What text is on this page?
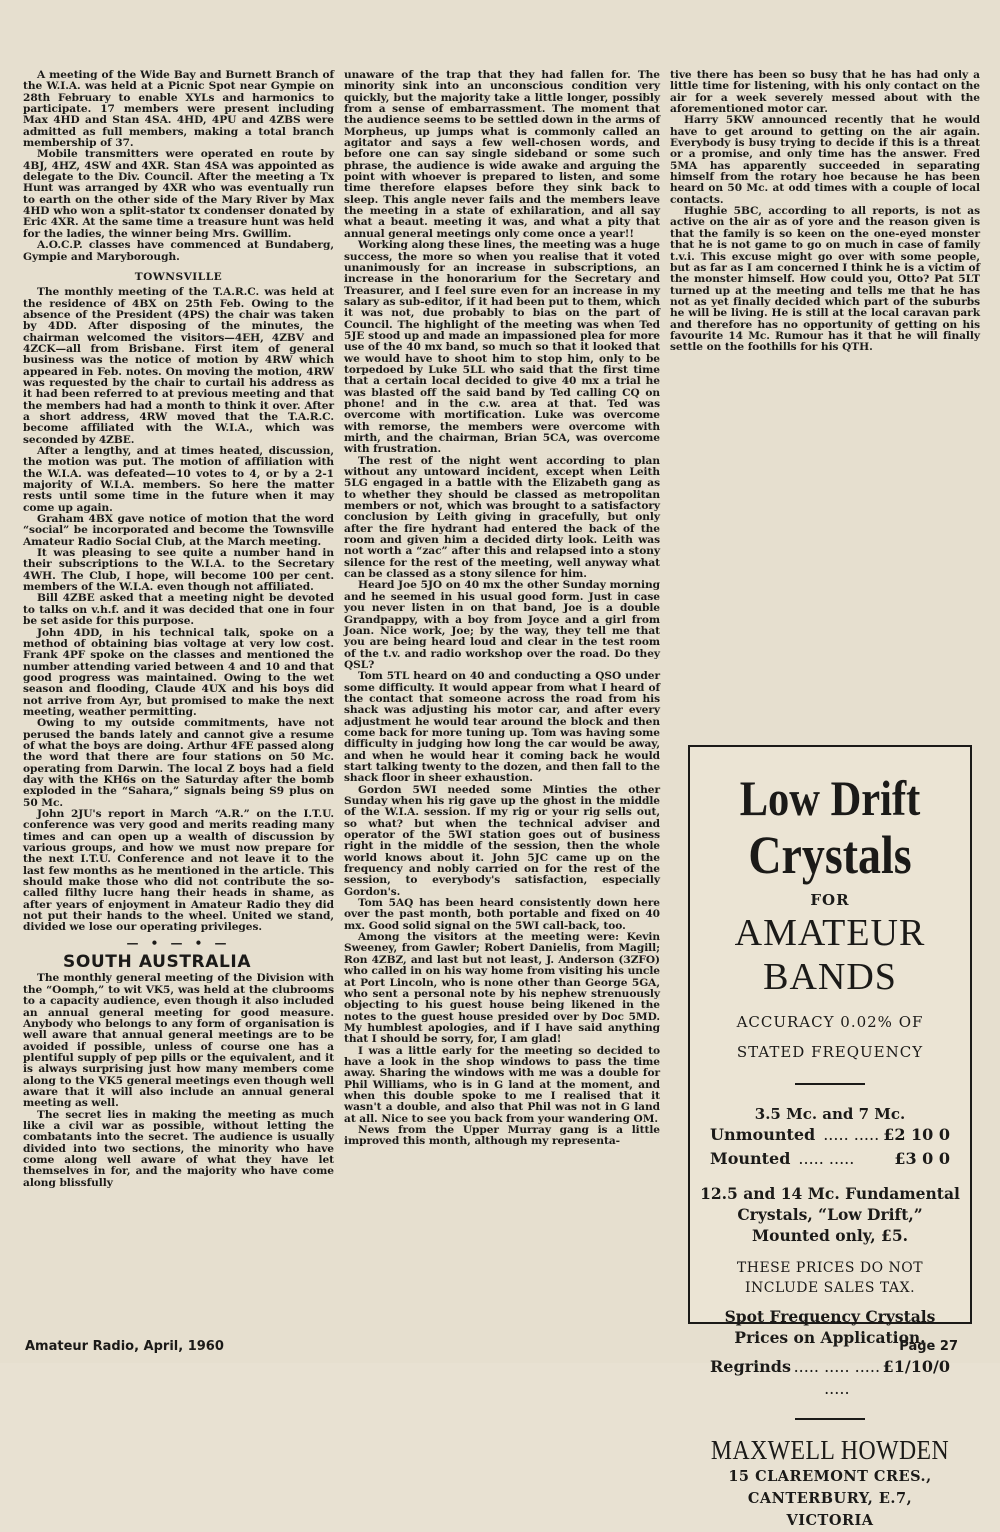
A meeting of the Wide Bay and Burnett Branch of the W.I.A. was held at a Picnic Spot near Gympie on 28th February to enable XYLs and harmonics to participate. 17 members were present including Max 4HD and Stan 4SA. 4HD, 4PU and 4ZBS were admitted as full members, making a total branch membership of 37.

Mobile transmitters were operated en route by 4BJ, 4HZ, 4SW and 4XR. Stan 4SA was appointed as delegate to the Div. Council. After the meeting a Tx Hunt was arranged by 4XR who was eventually run to earth on the other side of the Mary River by Max 4HD who won a split-stator tx condenser donated by Eric 4XR. At the same time a treasure hunt was held for the ladies, the winner being Mrs. Gwillim.

A.O.C.P. classes have commenced at Bundaberg, Gympie and Maryborough.

TOWNSVILLE

The monthly meeting of the T.A.R.C. was held at the residence of 4BX on 25th Feb. Owing to the absence of the President (4PS) the chair was taken by 4DD. After disposing of the minutes, the chairman welcomed the visitors—4EH, 4ZBV and 4ZCK—all from Brisbane. First item of general business was the notice of motion by 4RW which appeared in Feb. notes. On moving the motion, 4RW was requested by the chair to curtail his address as it had been referred to at previous meeting and that the members had had a month to think it over. After a short address, 4RW moved that the T.A.R.C. become affiliated with the W.I.A., which was seconded by 4ZBE.

After a lengthy, and at times heated, discussion, the motion was put. The motion of affiliation with the W.I.A. was defeated—10 votes to 4, or by a 2-1 majority of W.I.A. members. So here the matter rests until some time in the future when it may come up again.

Graham 4BX gave notice of motion that the word “social” be incorporated and become the Townsville Amateur Radio Social Club, at the March meeting.

It was pleasing to see quite a number hand in their subscriptions to the W.I.A. to the Secretary 4WH. The Club, I hope, will become 100 per cent. members of the W.I.A. even though not affiliated.

Bill 4ZBE asked that a meeting night be devoted to talks on v.h.f. and it was decided that one in four be set aside for this purpose.

John 4DD, in his technical talk, spoke on a method of obtaining bias voltage at very low cost. Frank 4PF spoke on the classes and mentioned the number attending varied between 4 and 10 and that good progress was maintained. Owing to the wet season and flooding, Claude 4UX and his boys did not arrive from Ayr, but promised to make the next meeting, weather permitting.

Owing to my outside commitments, have not perused the bands lately and cannot give a resume of what the boys are doing. Arthur 4FE passed along the word that there are four stations on 50 Mc. operating from Darwin. The local Z boys had a field day with the KH6s on the Saturday after the bomb exploded in the “Sahara,” signals being S9 plus on 50 Mc.

John 2JU's report in March “A.R.” on the I.T.U. conference was very good and merits reading many times and can open up a wealth of discussion by various groups, and how we must now prepare for the next I.T.U. Conference and not leave it to the last few months as he mentioned in the article. This should make those who did not contribute the so-called filthy lucre hang their heads in shame, as after years of enjoyment in Amateur Radio they did not put their hands to the wheel. United we stand, divided we lose our operating privileges.

— • — • —
SOUTH AUSTRALIA

The monthly general meeting of the Division with the “Oomph,” to wit VK5, was held at the clubrooms to a capacity audience, even though it also included an annual general meeting for good measure. Anybody who belongs to any form of organisation is well aware that annual general meetings are to be avoided if possible, unless of course one has a plentiful supply of pep pills or the equivalent, and it is always surprising just how many members come along to the VK5 general meetings even though well aware that it will also include an annual general meeting as well.

The secret lies in making the meeting as much like a civil war as possible, without letting the combatants into the secret. The audience is usually divided into two sections, the minority who have come along well aware of what they have let themselves in for, and the majority who have come along blissfully

unaware of the trap that they had fallen for. The minority sink into an unconscious condition very quickly, but the majority take a little longer, possibly from a sense of embarrassment. The moment that the audience seems to be settled down in the arms of Morpheus, up jumps what is commonly called an agitator and says a few well-chosen words, and before one can say single sideband or some such phrase, the audience is wide awake and arguing the point with whoever is prepared to listen, and some time therefore elapses before they sink back to sleep. This angle never fails and the members leave the meeting in a state of exhilaration, and all say what a beaut. meeting it was, and what a pity that annual general meetings only come once a year!!

Working along these lines, the meeting was a huge success, the more so when you realise that it voted unanimously for an increase in subscriptions, an increase in the honorarium for the Secretary and Treasurer, and I feel sure even for an increase in my salary as sub-editor, if it had been put to them, which it was not, due probably to bias on the part of Council. The highlight of the meeting was when Ted 5JE stood up and made an impassioned plea for more use of the 40 mx band, so much so that it looked that we would have to shoot him to stop him, only to be torpedoed by Luke 5LL who said that the first time that a certain local decided to give 40 mx a trial he was blasted off the said band by Ted calling CQ on phone! and in the c.w. area at that. Ted was overcome with mortification. Luke was overcome with remorse, the members were overcome with mirth, and the chairman, Brian 5CA, was overcome with frustration.

The rest of the night went according to plan without any untoward incident, except when Leith 5LG engaged in a battle with the Elizabeth gang as to whether they should be classed as metropolitan members or not, which was brought to a satisfactory conclusion by Leith giving in gracefully, but only after the fire hydrant had entered the back of the room and given him a decided dirty look. Leith was not worth a “zac” after this and relapsed into a stony silence for the rest of the meeting, well anyway what can be classed as a stony silence for him.

Heard Joe 5JO on 40 mx the other Sunday morning and he seemed in his usual good form. Just in case you never listen in on that band, Joe is a double Grandpappy, with a boy from Joyce and a girl from Joan. Nice work, Joe; by the way, they tell me that you are being heard loud and clear in the test room of the t.v. and radio workshop over the road. Do they QSL?

Tom 5TL heard on 40 and conducting a QSO under some difficulty. It would appear from what I heard of the contact that someone across the road from his shack was adjusting his motor car, and after every adjustment he would tear around the block and then come back for more tuning up. Tom was having some difficulty in judging how long the car would be away, and when he would hear it coming back he would start talking twenty to the dozen, and then fall to the shack floor in sheer exhaustion.

Gordon 5WI needed some Minties the other Sunday when his rig gave up the ghost in the middle of the W.I.A. session. If my rig or your rig sells out, so what? but when the technical adviser and operator of the 5WI station goes out of business right in the middle of the session, then the whole world knows about it. John 5JC came up on the frequency and nobly carried on for the rest of the session, to everybody's satisfaction, especially Gordon's.

Tom 5AQ has been heard consistently down here over the past month, both portable and fixed on 40 mx. Good solid signal on the 5WI call-back, too.

Among the visitors at the meeting were: Kevin Sweeney, from Gawler; Robert Danielis, from Magill; Ron 4ZBZ, and last but not least, J. Anderson (3ZFO) who called in on his way home from visiting his uncle at Port Lincoln, who is none other than George 5GA, who sent a personal note by his nephew strenuously objecting to his guest house being likened in the notes to the guest house presided over by Doc 5MD. My humblest apologies, and if I have said anything that I should be sorry, for, I am glad!

I was a little early for the meeting so decided to have a look in the shop windows to pass the time away. Sharing the windows with me was a double for Phil Williams, who is in G land at the moment, and when this double spoke to me I realised that it wasn't a double, and also that Phil was not in G land at all. Nice to see you back from your wandering OM.

News from the Upper Murray gang is a little improved this month, although my representa-

tive there has been so busy that he has had only a little time for listening, with his only contact on the air for a week severely messed about with the aforementioned motor car.

Harry 5KW announced recently that he would have to get around to getting on the air again. Everybody is busy trying to decide if this is a threat or a promise, and only time has the answer. Fred 5MA has apparently succeeded in separating himself from the rotary hoe because he has been heard on 50 Mc. at odd times with a couple of local contacts.

Hughie 5BC, according to all reports, is not as active on the air as of yore and the reason given is that the family is so keen on the one-eyed monster that he is not game to go on much in case of family t.v.i. This excuse might go over with some people, but as far as I am concerned I think he is a victim of the monster himself. How could you, Otto? Pat 5LT turned up at the meeting and tells me that he has not as yet finally decided which part of the suburbs he will be living. He is still at the local caravan park and therefore has no opportunity of getting on his favourite 14 Mc. Rumour has it that he will finally settle on the foothills for his QTH.

Low Drift
Crystals
FOR
AMATEUR
BANDS
ACCURACY 0.02% OF
STATED FREQUENCY
3.5 Mc. and 7 Mc.
Unmounted ..... ..... £2 10 0
Mounted ..... .....	£3 0 0
12.5 and 14 Mc. Fundamental
Crystals, “Low Drift,”
Mounted only, £5.
THESE PRICES DO NOT
INCLUDE SALES TAX.
Spot Frequency Crystals
Prices on Application.
Regrinds ..... ..... ..... .....
£1/10/0
MAXWELL HOWDEN
15 CLAREMONT CRES.,
CANTERBURY, E.7,
VICTORIA
Amateur Radio, April, 1960	Page 27
